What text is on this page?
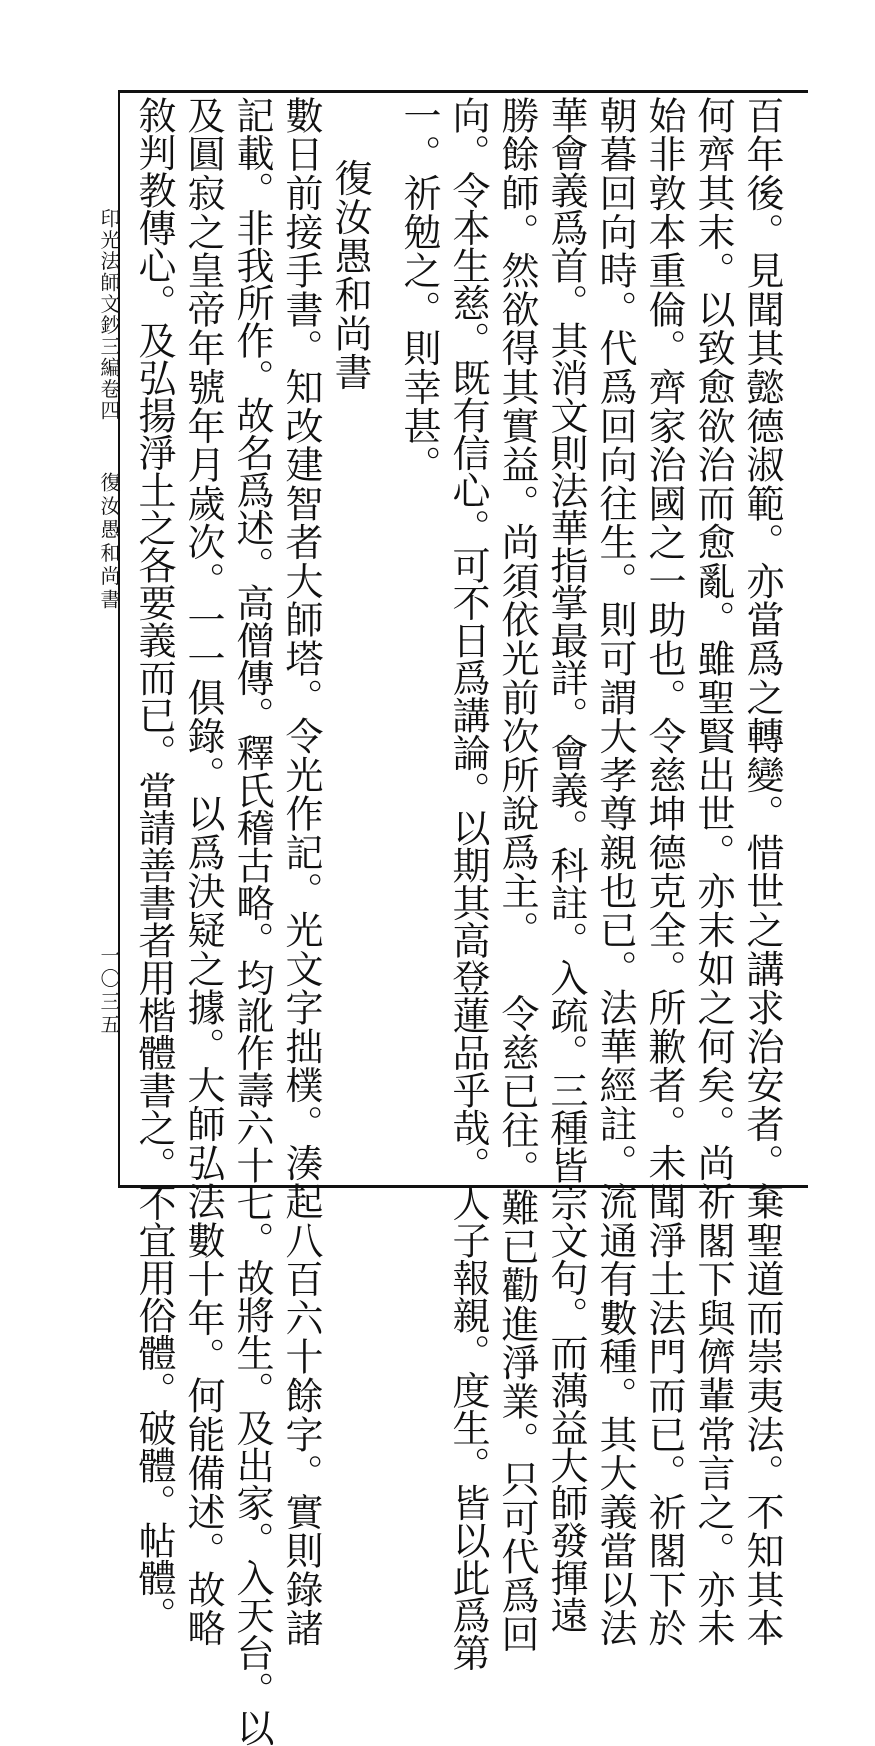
印光法師文鈔三編卷四
復汝愚和尚書
一〇三五	百年後。見聞其懿德淑範。亦當爲之轉變。惜世之講求治安者。棄聖道而崇夷法。不知其本
何齊其末。以致愈欲治而愈亂。雖聖賢出世。亦末如之何矣。尚祈閣下與儕輩常言之。亦未
始非敦本重倫。齊家治國之一助也。令慈坤德克全。所歉者。未聞淨土法門而已。祈閣下於
朝暮回向時。代爲回向往生。則可謂大孝尊親也已。法華經註。流通有數種。其大義當以法
華會義爲首。其消文則法華指掌最詳。會義。科註。入疏。三種皆宗文句。而蕅益大師發揮遠
勝餘師。然欲得其實益。尚須依光前次所說爲主。 令慈已往。難已勸進淨業。只可代爲回
向。令本生慈。既有信心。可不日爲講論。以期其高登蓮品乎哉。人子報親。度生。皆以此爲第
一。祈勉之。則幸甚。
　復汝愚和尚書
數日前接手書。知改建智者大師塔。令光作記。光文字拙樸。湊起八百六十餘字。實則錄諸
記載。非我所作。故名爲述。高僧傳。釋氏稽古略。均訛作壽六十七。故將生。及出家。入天台。以
及圓寂之皇帝年號年月歲次。一一俱錄。以爲決疑之據。大師弘法數十年。何能備述。故略
敘判教傳心。及弘揚淨土之各要義而已。當請善書者用楷體書之。不宜用俗體。破體。帖體。
